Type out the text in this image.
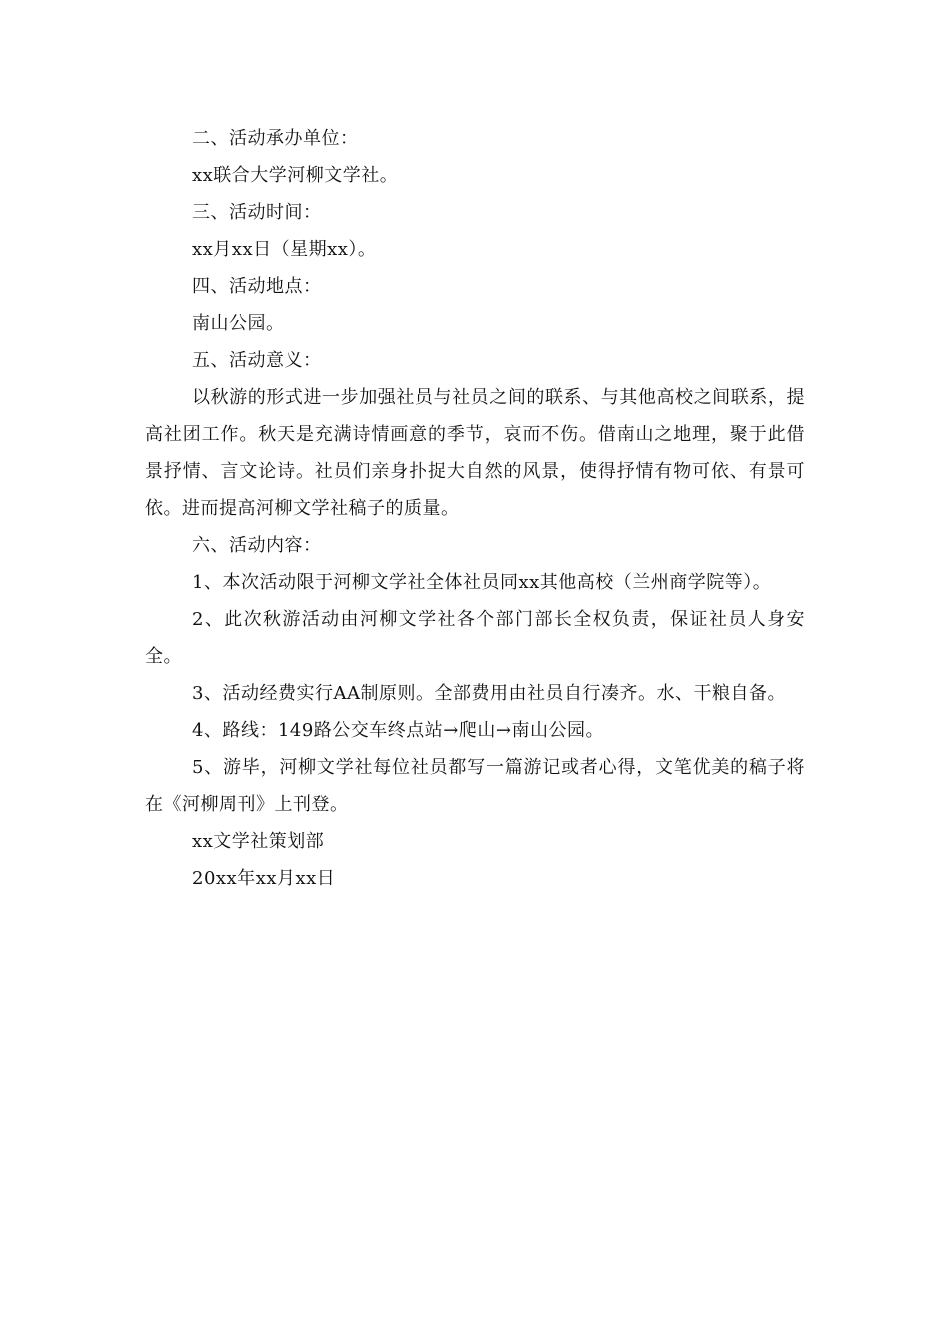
二、活动承办单位：

xx联合大学河柳文学社。

三、活动时间：

xx月xx日（星期xx）。

四、活动地点：

南山公园。

五、活动意义：

以秋游的形式进一步加强社员与社员之间的联系、与其他高校之间联系，提高社团工作。秋天是充满诗情画意的季节，哀而不伤。借南山之地理，聚于此借景抒情、言文论诗。社员们亲身扑捉大自然的风景，使得抒情有物可依、有景可依。进而提高河柳文学社稿子的质量。

六、活动内容：

1、本次活动限于河柳文学社全体社员同xx其他高校（兰州商学院等）。

2、此次秋游活动由河柳文学社各个部门部长全权负责，保证社员人身安全。

3、活动经费实行AA制原则。全部费用由社员自行凑齐。水、干粮自备。

4、路线：149路公交车终点站→爬山→南山公园。

5、游毕，河柳文学社每位社员都写一篇游记或者心得，文笔优美的稿子将在《河柳周刊》上刊登。

xx文学社策划部

20xx年xx月xx日
